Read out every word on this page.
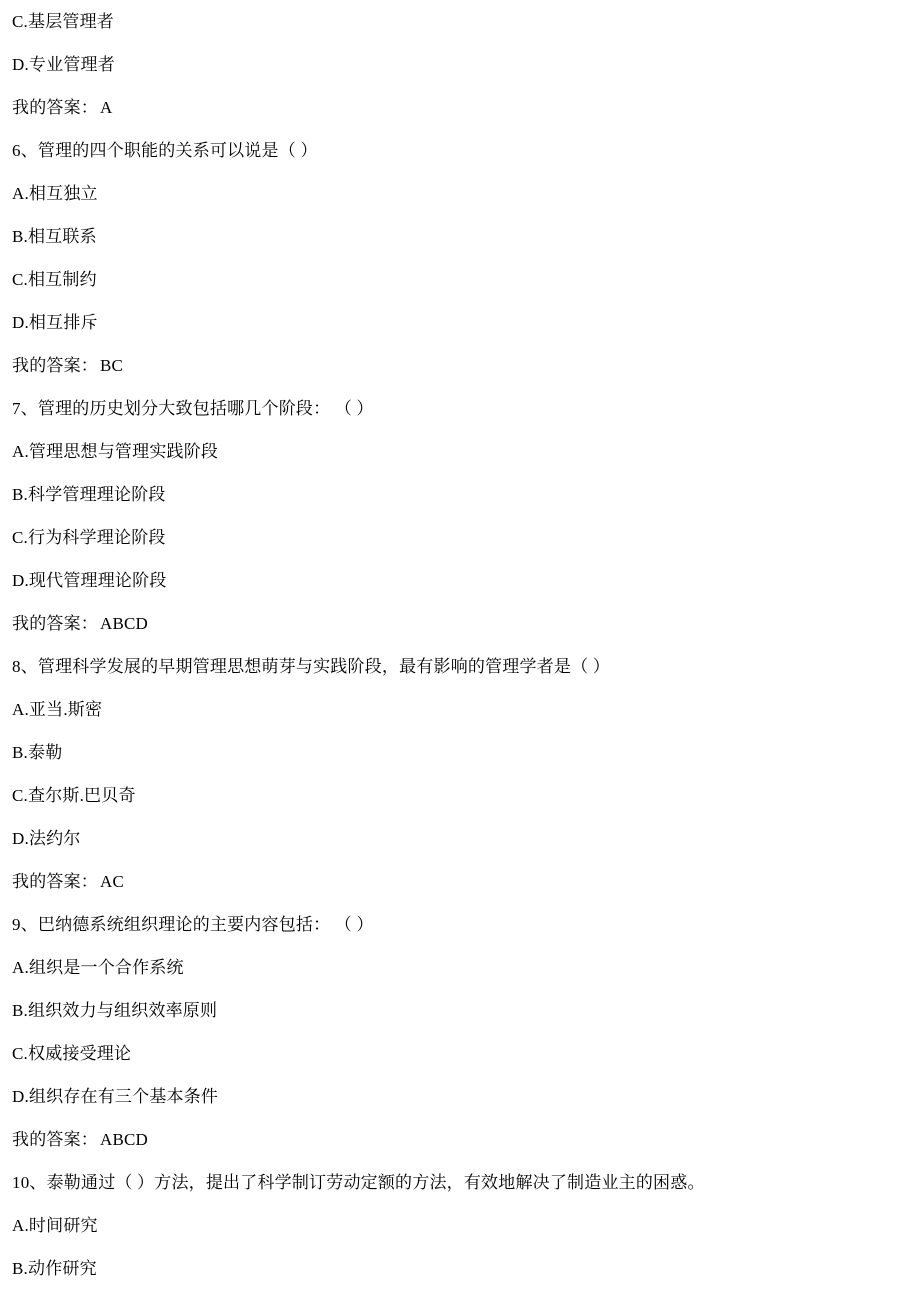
C.基层管理者
D.专业管理者
我的答案： A
6、管理的四个职能的关系可以说是（ ）
A.相互独立
B.相互联系
C.相互制约
D.相互排斥
我的答案： BC
7、管理的历史划分大致包括哪几个阶段： （ ）
A.管理思想与管理实践阶段
B.科学管理理论阶段
C.行为科学理论阶段
D.现代管理理论阶段
我的答案： ABCD
8、管理科学发展的早期管理思想萌芽与实践阶段，最有影响的管理学者是（ ）
A.亚当.斯密
B.泰勒
C.查尔斯.巴贝奇
D.法约尔
我的答案： AC
9、巴纳德系统组织理论的主要内容包括： （ ）
A.组织是一个合作系统
B.组织效力与组织效率原则
C.权威接受理论
D.组织存在有三个基本条件
我的答案： ABCD
10、泰勒通过（ ）方法，提出了科学制订劳动定额的方法，有效地解决了制造业主的困惑。
A.时间研究
B.动作研究
